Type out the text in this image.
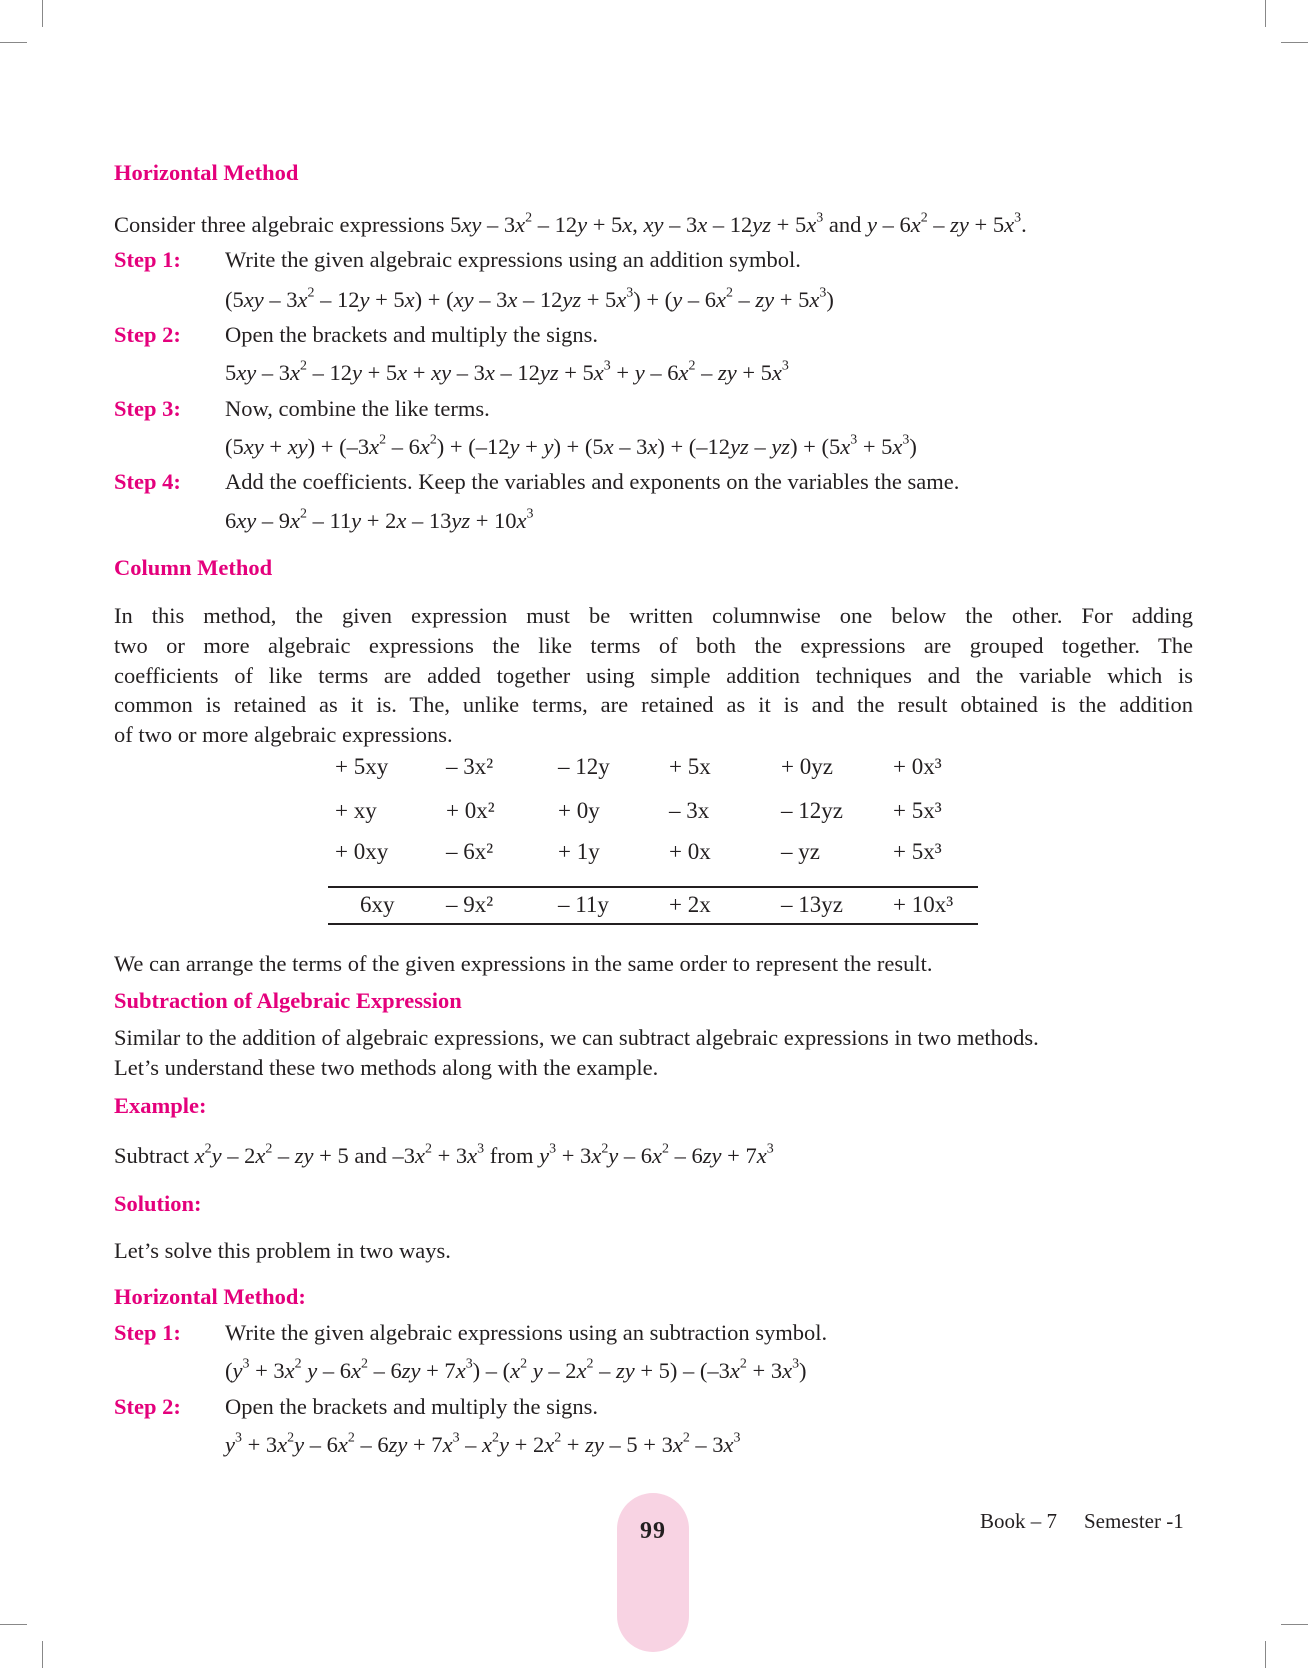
Horizontal Method
Consider three algebraic expressions $5xy - 3x^2 - 12y + 5x$, xy – $3x - 12yz + 5x^3$ and y – $6x^2$ – zy + $5x^3$.
Step 1: Write the given algebraic expressions using an addition symbol.
$(5xy - 3x^2 - 12y + 5x) + (xy - 3x - 12yz + 5x^3) + (y - 6x^2$ – zy + $5x^3$)
Step 2: Open the brackets and multiply the signs.
$5xy - 3x^2 - 12y + 5x$ + xy – $3x - 12yz + 5x^3 + y - 6x^2$ – zy + $5x^3$
Step 3: Now, combine the like terms.
$(5xy + xy) + (-3x^2 - 6x^2) + (-12y + y) + (5x - 3x) + (-12yz - yz) + (5x^3 + 5x^3)$
Step 4: Add the coefficients. Keep the variables and exponents on the variables the same.
$6xy - 9x^2 - 11y + 2x - 13yz + 10x^3$
Column Method
In this method, the given expression must be written columnwise one below the other. For adding
two or more algebraic expressions the like terms of both the expressions are grouped together. The
coefficients of like terms are added together using simple addition techniques and the variable which is
common is retained as it is. The, unlike terms, are retained as it is and the result obtained is the addition
of two or more algebraic expressions.
+ 5xy	– 3x²	– 12y	+ 5x	+ 0yz	+ 0x³
+ xy	+ 0x²	+ 0y	– 3x	– 12yz + 5x³
+ 0xy	– 6x²	+ 1y	+ 0x	– yz	+ 5x³
6xy – 9x²	– 11y	+ 2x	– 13yz + 10x³
We can arrange the terms of the given expressions in the same order to represent the result.
Subtraction of Algebraic Expression
Similar to the addition of algebraic expressions, we can subtract algebraic expressions in two methods.
Let’s understand these two methods along with the example.
Example:
Subtract $x^2y - 2x^2$ – zy + 5 and $-3x^2 + 3x^3$ from $y^3 + 3x^2y - 6x^2 - 6zy + 7x^3$
Solution:
Let’s solve this problem in two ways.
Horizontal Method:
Step 1: Write the given algebraic expressions using an subtraction symbol.
($y^3 + 3x^2$ $y - 6x^2 - 6zy + 7x^3) - (x^2$ y – $2x^2$ – zy + $5) - (-3x^2 + 3x^3)$
Step 2: Open the brackets and multiply the signs.
$y^3 + 3x^2y - 6x^2 - 6zy + 7x^3 - x^2y + 2x^2$ + zy – $5 + 3x^2 - 3x^3$
99	Book – 7 Semester -1
